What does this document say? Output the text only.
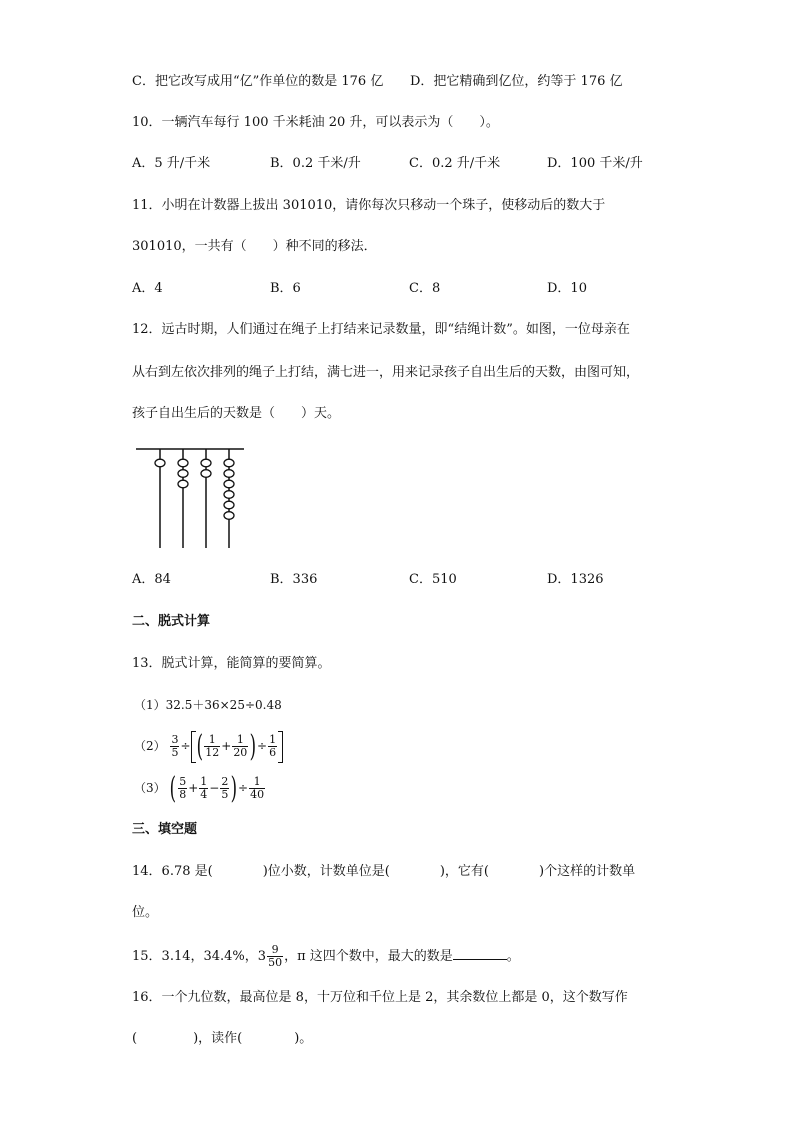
C．把它改写成用“亿”作单位的数是 176 亿 D．把它精确到亿位，约等于 176 亿
10．一辆汽车每行 100 千米耗油 20 升，可以表示为（　　）。
A．5 升/千米	B．0.2 千米/升	C．0.2 升/千米	D．100 千米/升
11．小明在计数器上拔出 301010，请你每次只移动一个珠子，使移动后的数大于
301010，一共有（　　）种不同的移法．
A．4	B．6	C．8	D．10
12．远古时期，人们通过在绳子上打结来记录数量，即“结绳计数”。如图，一位母亲在
从右到左依次排列的绳子上打结，满七进一，用来记录孩子自出生后的天数，由图可知，
孩子自出生后的天数是（　　）天。
A．84	B．336	C．510	D．1326
二、脱式计算
13．脱式计算，能简算的要简算。
（1）32.5＋36×25÷0.48
$(2) \frac{3}{5}$ ÷ ( $\frac{1}{12} + \frac{1}{20}$ )÷ $\frac{1}{6}$
（3） ( $\frac{5}{8} + \frac{1}{4} - \frac{2}{5}$ )÷ $\frac{1}{40}$
三、填空题
14．6.78 是(	)位小数，计数单位是(	)，它有(	)个这样的计数单
位。
15．3.14，34.4%，$3 \frac{9}{50}$ ，π 这四个数中，最大的数是	。
16．一个九位数，最高位是 8，十万位和千位上是 2，其余数位上都是 0，这个数写作
(	)，读作(	)。
